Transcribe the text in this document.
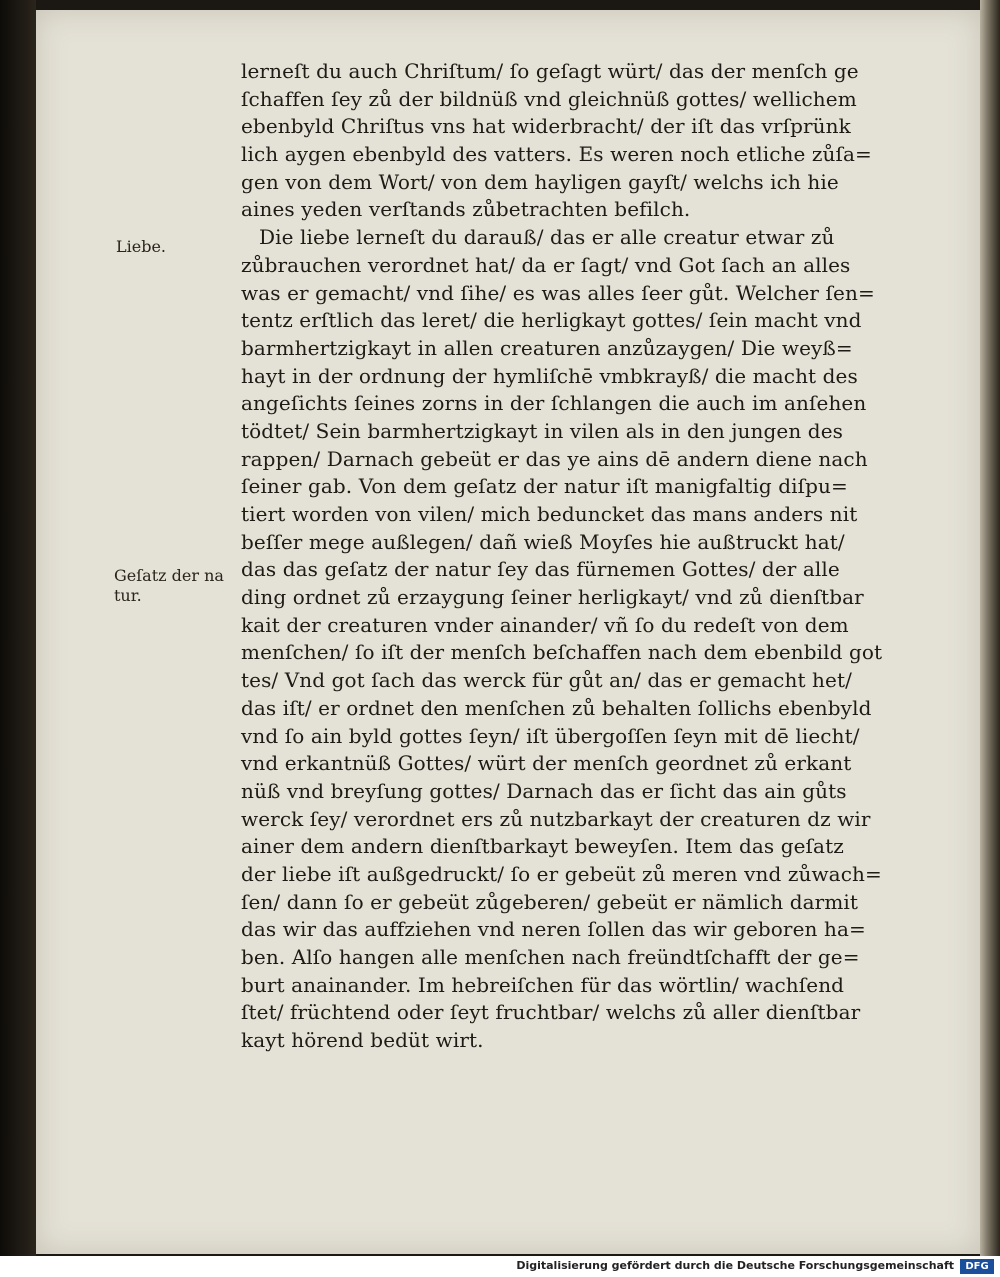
Liebe.
Geſatz der na
tur.
lerneſt du auch Chriſtum/ ſo geſagt würt/ das der menſch ge
ſchaffen ſey zů der bildnüß vnd gleichnüß gottes/ wellichem
ebenbyld Chriſtus vns hat widerbracht/ der iſt das vrſprünk
lich aygen ebenbyld des vatters. Es weren noch etliche zůſa=
gen von dem Wort/ von dem hayligen gayſt/ welchs ich hie
aines yeden verſtands zůbetrachten befilch.
Die liebe lerneſt du darauß/ das er alle creatur etwar zů
zůbrauchen verordnet hat/ da er ſagt/ vnd Got ſach an alles
was er gemacht/ vnd ſihe/ es was alles ſeer gůt. Welcher ſen=
tentz erſtlich das leret/ die herligkayt gottes/ ſein macht vnd
barmhertzigkayt in allen creaturen anzůzaygen/ Die weyß=
hayt in der ordnung der hymliſchē vmbkrayß/ die macht des
angeſichts ſeines zorns in der ſchlangen die auch im anſehen
tödtet/ Sein barmhertzigkayt in vilen als in den jungen des
rappen/ Darnach gebeüt er das ye ains dē andern diene nach
ſeiner gab. Von dem geſatz der natur iſt manigfaltig diſpu=
tiert worden von vilen/ mich beduncket das mans anders nit
beſſer mege außlegen/ dañ wieß Moyſes hie außtruckt hat/
das das geſatz der natur ſey das fürnemen Gottes/ der alle
ding ordnet zů erzaygung ſeiner herligkayt/ vnd zů dienſtbar
kait der creaturen vnder ainander/ vñ ſo du redeſt von dem
menſchen/ ſo iſt der menſch beſchaffen nach dem ebenbild got
tes/ Vnd got ſach das werck für gůt an/ das er gemacht het/
das iſt/ er ordnet den menſchen zů behalten ſollichs ebenbyld
vnd ſo ain byld gottes ſeyn/ iſt übergoſſen ſeyn mit dē liecht/
vnd erkantnüß Gottes/ würt der menſch geordnet zů erkant
nüß vnd breyſung gottes/ Darnach das er ſicht das ain gůts
werck ſey/ verordnet ers zů nutzbarkayt der creaturen dz wir
ainer dem andern dienſtbarkayt beweyſen. Item das geſatz
der liebe iſt außgedruckt/ ſo er gebeüt zů meren vnd zůwach=
ſen/ dann ſo er gebeüt zůgeberen/ gebeüt er nämlich darmit
das wir das auffziehen vnd neren ſollen das wir geboren ha=
ben. Alſo hangen alle menſchen nach freündtſchafft der ge=
burt anainander. Im hebreiſchen für das wörtlin/ wachſend
ſtet/ früchtend oder ſeyt fruchtbar/ welchs zů aller dienſtbar
kayt hörend bedüt wirt.
Digitalisierung gefördert durch die Deutsche Forschungsgemeinschaft	DFG
